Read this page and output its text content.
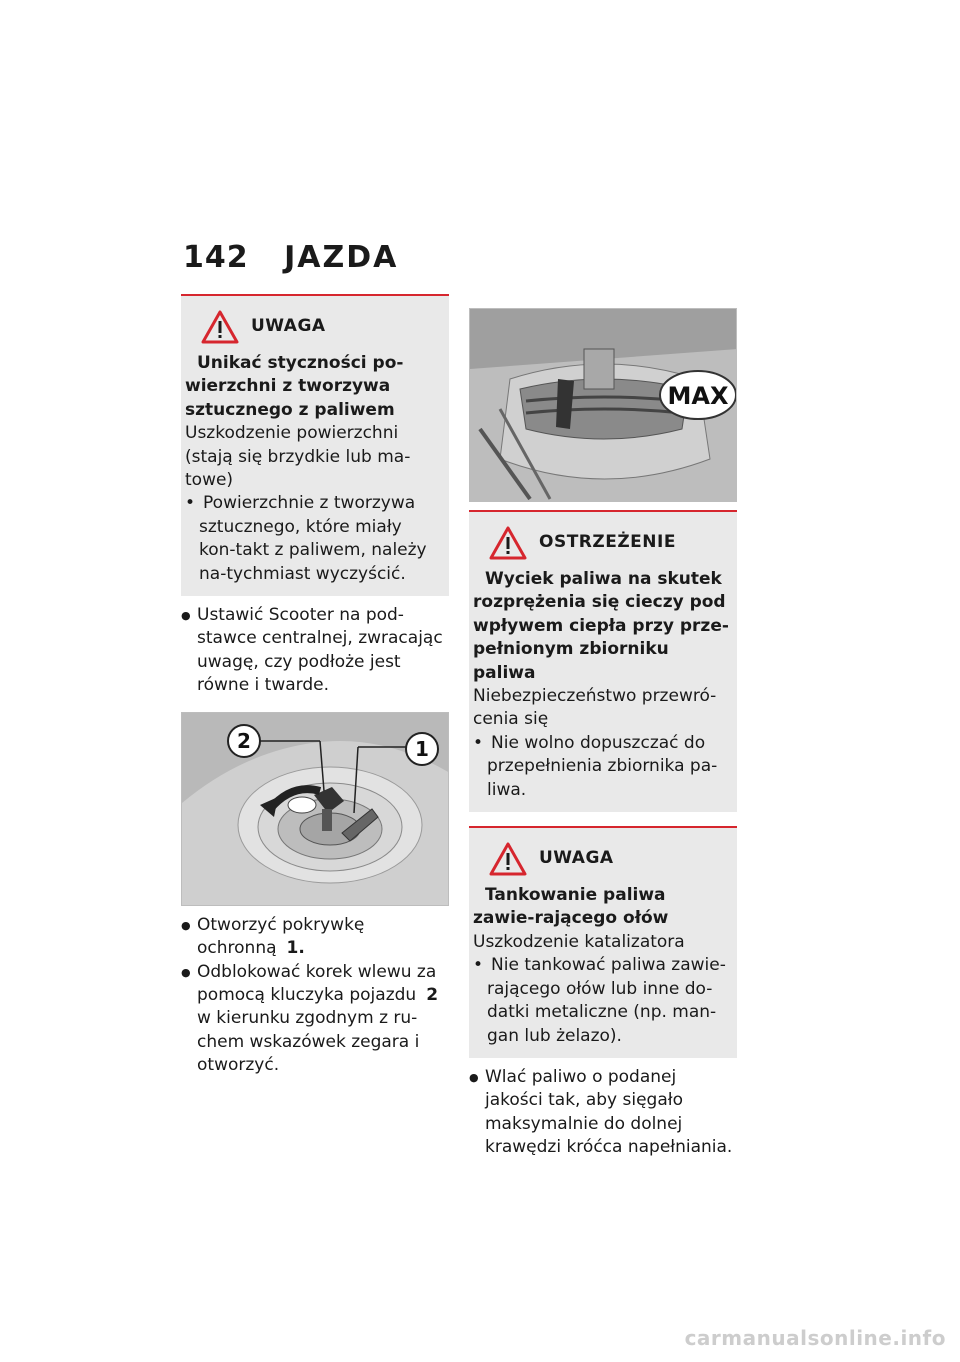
142 JAZDA
UWAGA
Unikać styczności po-wierzchni z tworzywa sztucznego z paliwem
Uszkodzenie powierzchni (stają się brzydkie lub ma-towe)
• Powierzchnie z tworzywa sztucznego, które miały kon-takt z paliwem, należy na-tychmiast wyczyścić.
● Ustawić Scooter na pod-stawce centralnej, zwracając uwagę, czy podłoże jest równe i twarde.
2	1
● Otworzyć pokrywkę ochronną 1.
● Odblokować korek wlewu za pomocą kluczyka pojazdu 2 w kierunku zgodnym z ru-chem wskazówek zegara i otworzyć.
MAX
OSTRZEŻENIE
Wyciek paliwa na skutek rozprężenia się cieczy pod wpływem ciepła przy prze-pełnionym zbiorniku paliwa
Niebezpieczeństwo przewró-cenia się
• Nie wolno dopuszczać do przepełnienia zbiornika pa-liwa.
UWAGA
Tankowanie paliwa zawie-rającego ołów
Uszkodzenie katalizatora
• Nie tankować paliwa zawie-rającego ołów lub inne do-datki metaliczne (np. man-gan lub żelazo).
● Wlać paliwo o podanej jakości tak, aby sięgało maksymalnie do dolnej krawędzi króćca napełniania.
carmanualsonline.info
